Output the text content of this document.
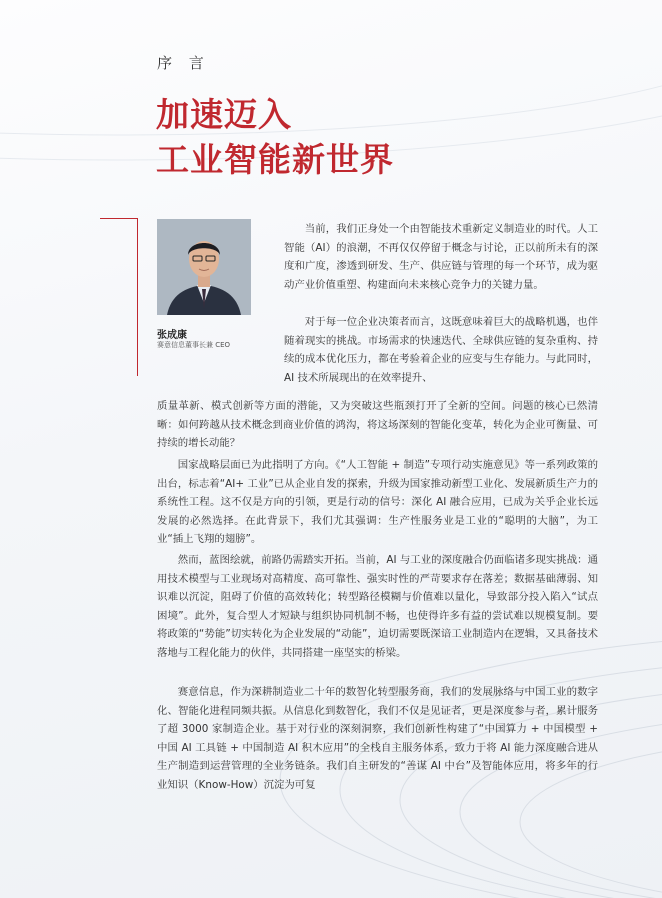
序 言
加速迈入
工业智能新世界
张成康
赛意信息董事长兼 CEO

当前，我们正身处一个由智能技术重新定义制造业的时代。人工智能（AI）的浪潮，不再仅仅停留于概念与讨论，正以前所未有的深度和广度，渗透到研发、生产、供应链与管理的每一个环节，成为驱动产业价值重塑、构建面向未来核心竞争力的关键力量。

对于每一位企业决策者而言，这既意味着巨大的战略机遇，也伴随着现实的挑战。市场需求的快速迭代、全球供应链的复杂重构、持续的成本优化压力，都在考验着企业的应变与生存能力。与此同时，AI 技术所展现出的在效率提升、

质量革新、模式创新等方面的潜能，又为突破这些瓶颈打开了全新的空间。问题的核心已然清晰：如何跨越从技术概念到商业价值的鸿沟，将这场深刻的智能化变革，转化为企业可衡量、可持续的增长动能？

国家战略层面已为此指明了方向。《“人工智能 + 制造”专项行动实施意见》等一系列政策的出台，标志着“AI+ 工业”已从企业自发的探索，升级为国家推动新型工业化、发展新质生产力的系统性工程。这不仅是方向的引领，更是行动的信号：深化 AI 融合应用，已成为关乎企业长远发展的必然选择。在此背景下，我们尤其强调：生产性服务业是工业的“聪明的大脑”，为工业“插上飞翔的翅膀”。

然而，蓝图绘就，前路仍需踏实开拓。当前，AI 与工业的深度融合仍面临诸多现实挑战：通用技术模型与工业现场对高精度、高可靠性、强实时性的严苛要求存在落差；数据基础薄弱、知识难以沉淀，阻碍了价值的高效转化；转型路径模糊与价值难以量化，导致部分投入陷入“试点困境”。此外，复合型人才短缺与组织协同机制不畅，也使得许多有益的尝试难以规模复制。要将政策的“势能”切实转化为企业发展的“动能”，迫切需要既深谙工业制造内在逻辑，又具备技术落地与工程化能力的伙伴，共同搭建一座坚实的桥梁。

赛意信息，作为深耕制造业二十年的数智化转型服务商，我们的发展脉络与中国工业的数字化、智能化进程同频共振。从信息化到数智化，我们不仅是见证者，更是深度参与者，累计服务了超 3000 家制造企业。基于对行业的深刻洞察，我们创新性构建了“中国算力 + 中国模型 + 中国 AI 工具链 + 中国制造 AI 积木应用”的全栈自主服务体系，致力于将 AI 能力深度融合进从生产制造到运营管理的全业务链条。我们自主研发的“善谋 AI 中台”及智能体应用，将多年的行业知识（Know-How）沉淀为可复
